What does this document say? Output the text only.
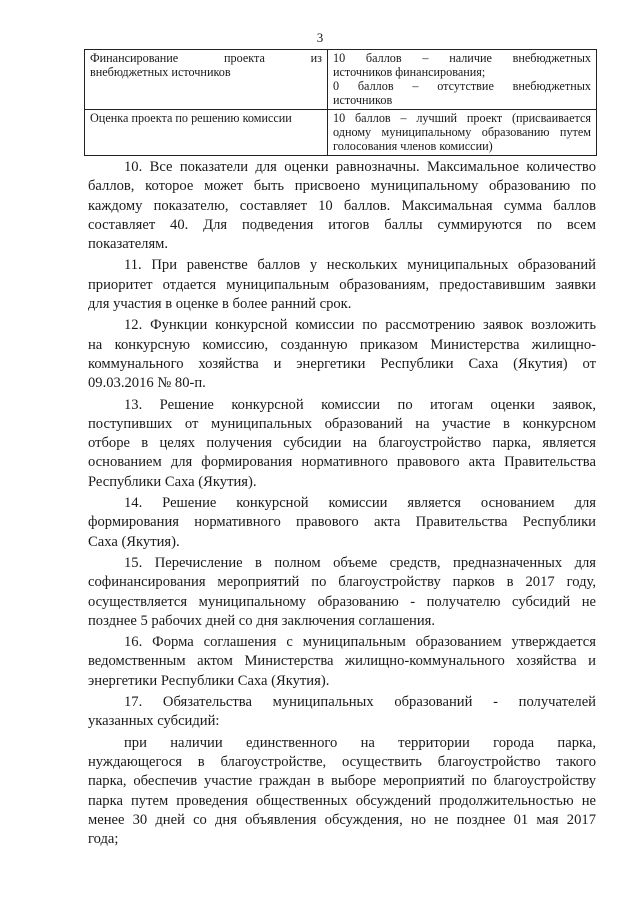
3
Финансирование проекта из
внебюджетных источников	10 баллов – наличие внебюджетных
источников финансирования;
0 баллов – отсутствие внебюджетных
источников

Оценка проекта по решению комиссии	10 баллов – лучший проект (присваивается
одному муниципальному образованию путем
голосования членов комиссии)
10. Все показатели для оценки равнозначны. Максимальное количество
баллов, которое может быть присвоено муниципальному образованию по
каждому показателю, составляет 10 баллов. Максимальная сумма баллов
составляет 40. Для подведения итогов баллы суммируются по всем
показателям.
11. При равенстве баллов у нескольких муниципальных образований
приоритет отдается муниципальным образованиям, предоставившим заявки
для участия в оценке в более ранний срок.
12. Функции конкурсной комиссии по рассмотрению заявок возложить
на конкурсную комиссию, созданную приказом Министерства жилищно-
коммунального хозяйства и энергетики Республики Саха (Якутия) от
09.03.2016 № 80-п.
13. Решение конкурсной комиссии по итогам оценки заявок,
поступивших от муниципальных образований на участие в конкурсном
отборе в целях получения субсидии на благоустройство парка, является
основанием для формирования нормативного правового акта Правительства
Республики Саха (Якутия).
14. Решение конкурсной комиссии является основанием для
формирования нормативного правового акта Правительства Республики
Саха (Якутия).
15. Перечисление в полном объеме средств, предназначенных для
софинансирования мероприятий по благоустройству парков в 2017 году,
осуществляется муниципальному образованию - получателю субсидий не
позднее 5 рабочих дней со дня заключения соглашения.
16. Форма соглашения с муниципальным образованием утверждается
ведомственным актом Министерства жилищно-коммунального хозяйства и
энергетики Республики Саха (Якутия).
17. Обязательства муниципальных образований - получателей
указанных субсидий:
при наличии единственного на территории города парка,
нуждающегося в благоустройстве, осуществить благоустройство такого
парка, обеспечив участие граждан в выборе мероприятий по благоустройству
парка путем проведения общественных обсуждений продолжительностью не
менее 30 дней со дня объявления обсуждения, но не позднее 01 мая 2017
года;
